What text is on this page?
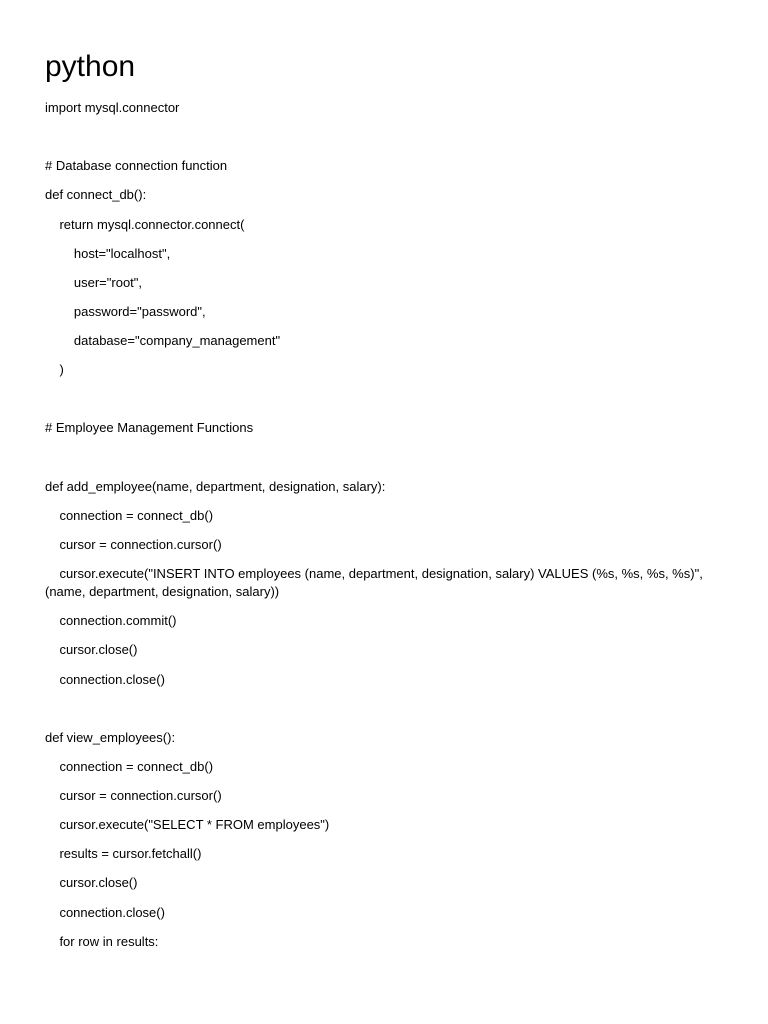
python
import mysql.connector
# Database connection function
def connect_db():
return mysql.connector.connect(
host="localhost",
user="root",
password="password",
database="company_management"
)
# Employee Management Functions
def add_employee(name, department, designation, salary):
connection = connect_db()
cursor = connection.cursor()
cursor.execute("INSERT INTO employees (name, department, designation, salary) VALUES (%s, %s, %s, %s)", (name, department, designation, salary))
connection.commit()
cursor.close()
connection.close()
def view_employees():
connection = connect_db()
cursor = connection.cursor()
cursor.execute("SELECT * FROM employees")
results = cursor.fetchall()
cursor.close()
connection.close()
for row in results:
